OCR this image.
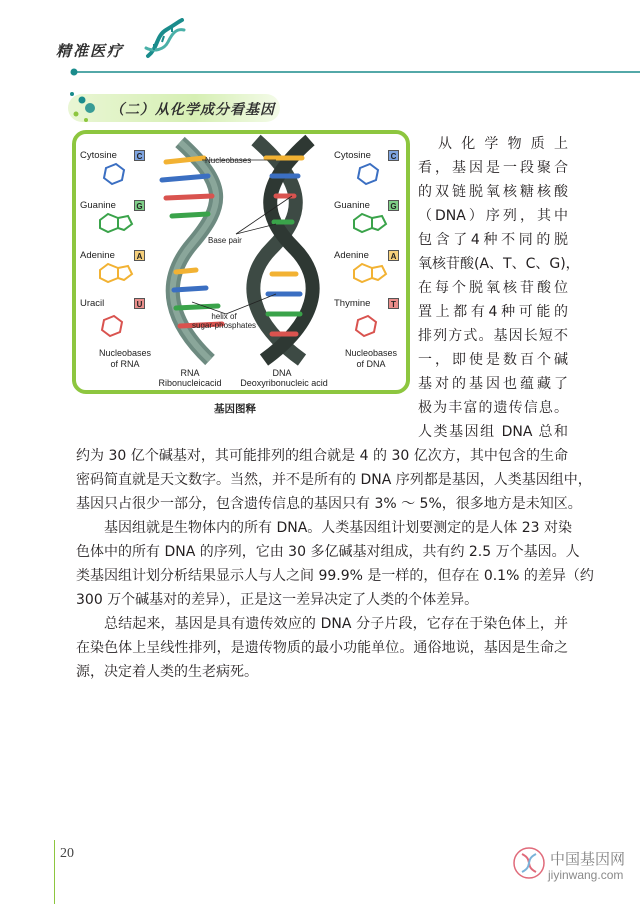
精准医疗
（二）从化学成分看基因
Cytosine	C
Guanine	G
Adenine	A
Uracil	U
Cytosine	C
Guanine	G
Adenine	A
Thymine	T
Nucleobases
of RNA
Nucleobases
of DNA
Nucleobases
Base pair
helix of
sugar-phosphates
RNA
Ribonucleicacid
DNA
Deoxyribonucleic acid
基因图释
从化学物质上
看，基因是一段聚合
的双链脱氧核糖核酸
（DNA）序列，其中
包含了4种不同的脱
氧核苷酸(A、T、C、G)，
在每个脱氧核苷酸位
置上都有4种可能的
排列方式。基因长短不
一，即使是数百个碱
基对的基因也蕴藏了
极为丰富的遗传信息。
人类基因组 DNA 总和
约为 30 亿个碱基对，其可能排列的组合就是 4 的 30 亿次方，其中包含的生命
密码简直就是天文数字。当然，并不是所有的 DNA 序列都是基因，人类基因组中，
基因只占很少一部分，包含遗传信息的基因只有 3% ～ 5%，很多地方是未知区。
基因组就是生物体内的所有 DNA。人类基因组计划要测定的是人体 23 对染
色体中的所有 DNA 的序列，它由 30 多亿碱基对组成，共有约 2.5 万个基因。人
类基因组计划分析结果显示人与人之间 99.9% 是一样的，但存在 0.1% 的差异（约
300 万个碱基对的差异），正是这一差异决定了人类的个体差异。
总结起来，基因是具有遗传效应的 DNA 分子片段，它存在于染色体上，并
在染色体上呈线性排列，是遗传物质的最小功能单位。通俗地说，基因是生命之
源，决定着人类的生老病死。
20	中国基因网
jiyinwang.com
